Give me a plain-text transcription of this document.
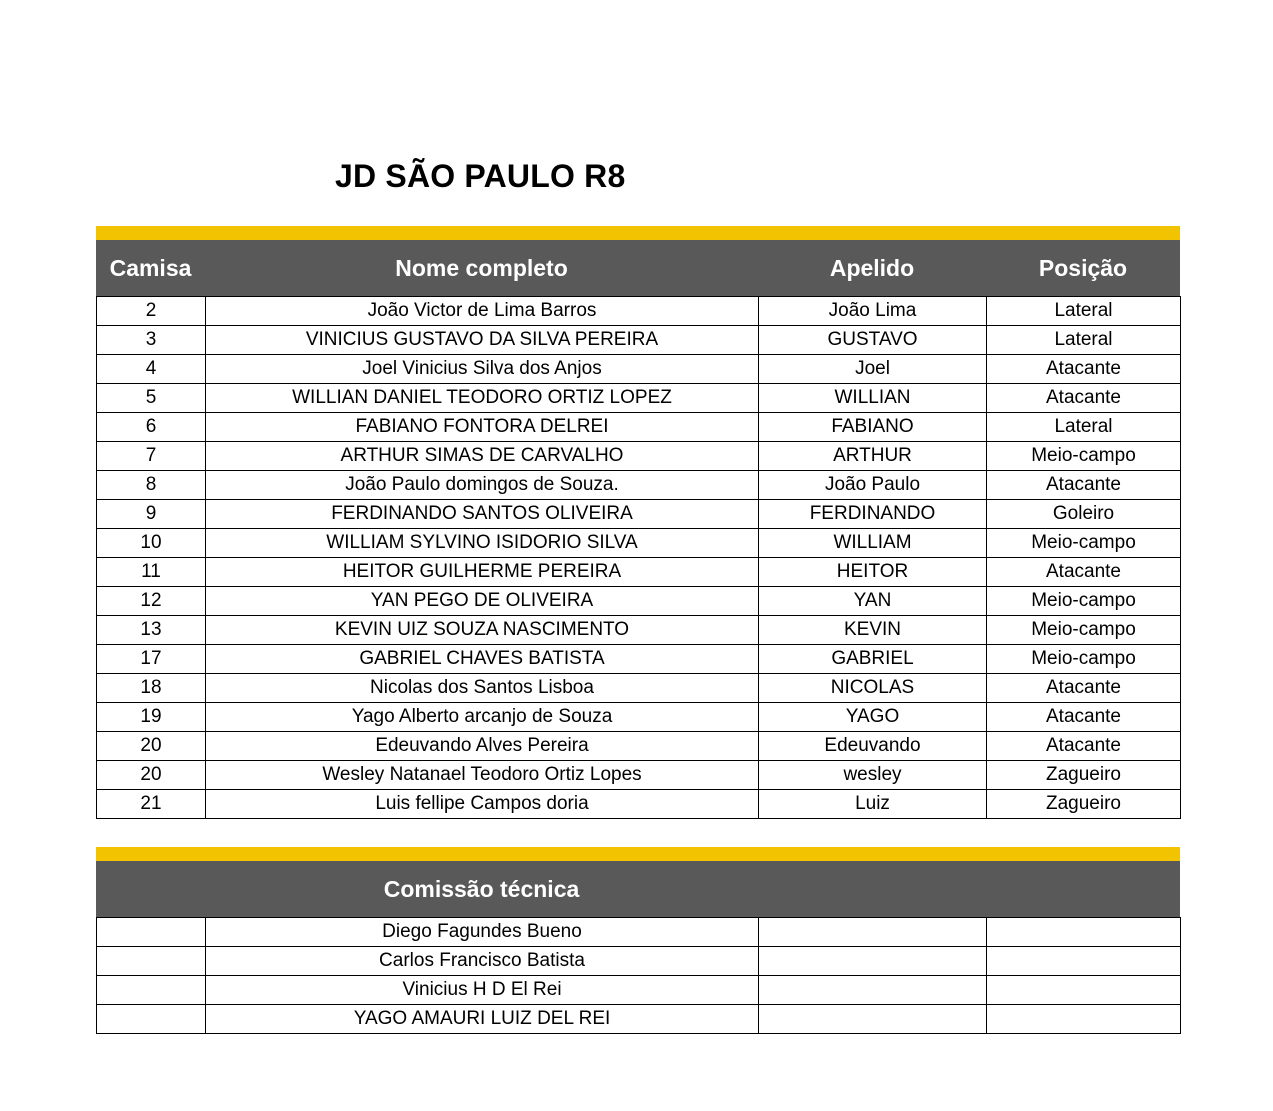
JD SÃO PAULO R8
Camisa	Nome completo	Apelido	Posição
2	João Victor de Lima Barros	João Lima	Lateral
3	VINICIUS GUSTAVO DA SILVA PEREIRA	GUSTAVO	Lateral
4	Joel Vinicius Silva dos Anjos	Joel	Atacante
5	WILLIAN DANIEL TEODORO ORTIZ LOPEZ	WILLIAN	Atacante
6	FABIANO FONTORA DELREI	FABIANO	Lateral
7	ARTHUR SIMAS DE CARVALHO	ARTHUR	Meio-campo
8	João Paulo domingos de Souza.	João Paulo	Atacante
9	FERDINANDO SANTOS OLIVEIRA	FERDINANDO	Goleiro
10	WILLIAM SYLVINO ISIDORIO SILVA	WILLIAM	Meio-campo
11	HEITOR GUILHERME PEREIRA	HEITOR	Atacante
12	YAN PEGO DE OLIVEIRA	YAN	Meio-campo
13	KEVIN UIZ SOUZA NASCIMENTO	KEVIN	Meio-campo
17	GABRIEL CHAVES BATISTA	GABRIEL	Meio-campo
18	Nicolas dos Santos Lisboa	NICOLAS	Atacante
19	Yago Alberto arcanjo de Souza	YAGO	Atacante
20	Edeuvando Alves Pereira	Edeuvando	Atacante
20	Wesley Natanael Teodoro Ortiz Lopes	wesley	Zagueiro
21	Luis fellipe Campos doria	Luiz	Zagueiro
Comissão técnica
	Diego Fagundes Bueno		
	Carlos Francisco Batista		
	Vinicius H D El Rei		
	YAGO AMAURI LUIZ DEL REI		
